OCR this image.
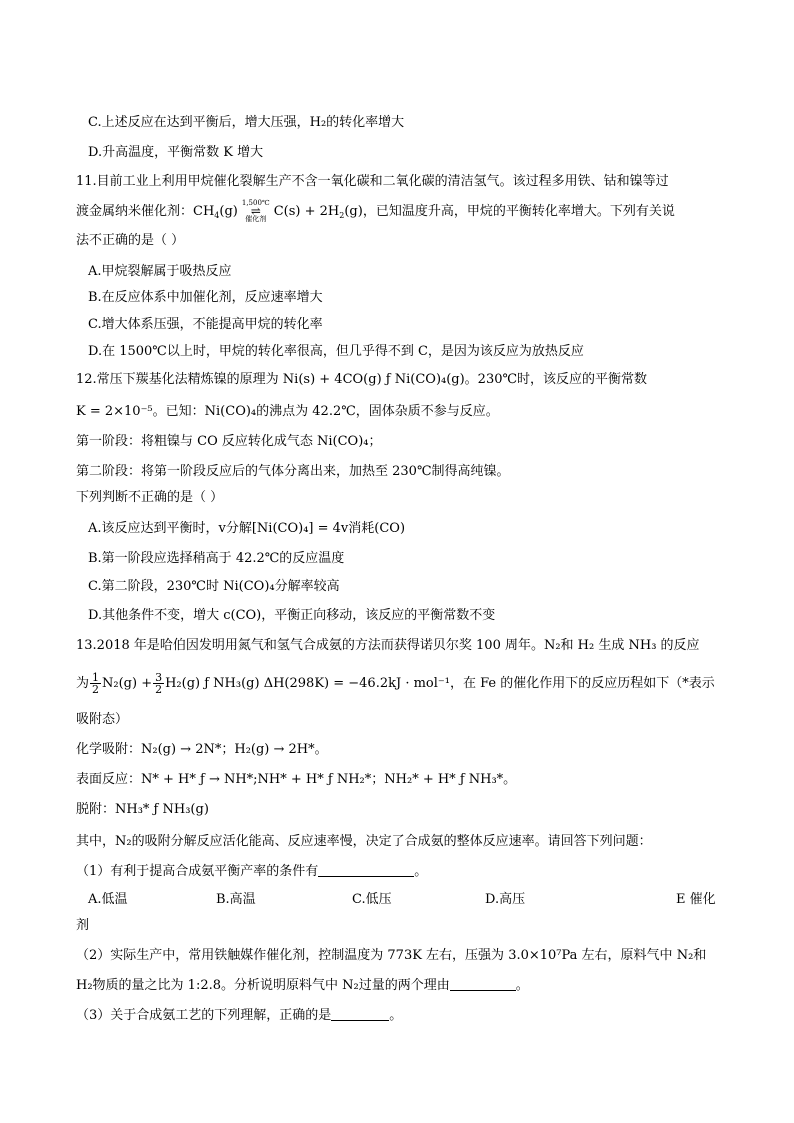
C.上述反应在达到平衡后，增大压强，H₂的转化率增大
D.升高温度，平衡常数 K 增大
11.目前工业上利用甲烷催化裂解生产不含一氧化碳和二氧化碳的清洁氢气。该过程多用铁、钴和镍等过
渡金属纳米催化剂：$CH_4(g)1,500℃$
⇌
催化剂 $C(s) + 2H_2(g)$，已知温度升高，甲烷的平衡转化率增大。下列有关说
法不正确的是（ ）
A.甲烷裂解属于吸热反应
B.在反应体系中加催化剂，反应速率增大
C.增大体系压强，不能提高甲烷的转化率
D.在 1500℃以上时，甲烷的转化率很高，但几乎得不到 C，是因为该反应为放热反应
12.常压下羰基化法精炼镍的原理为 Ni(s) + 4CO(g) ƒ Ni(CO)₄(g)。230℃时，该反应的平衡常数
K = 2×10⁻⁵。已知：Ni(CO)₄的沸点为 42.2℃，固体杂质不参与反应。
第一阶段：将粗镍与 CO 反应转化成气态 Ni(CO)₄；
第二阶段：将第一阶段反应后的气体分离出来，加热至 230℃制得高纯镍。
下列判断不正确的是（ ）
A.该反应达到平衡时，v分解[Ni(CO)₄] = 4v消耗(CO)
B.第一阶段应选择稍高于 42.2℃的反应温度
C.第二阶段，230℃时 Ni(CO)₄分解率较高
D.其他条件不变，增大 c(CO)，平衡正向移动，该反应的平衡常数不变
13.2018 年是哈伯因发明用氮气和氢气合成氨的方法而获得诺贝尔奖 100 周年。N₂和 H₂ 生成 NH₃ 的反应
为 $\frac{1}{2} N_2(g) + \frac{3}{2} H_2(g)$ ƒ NH₃(g) ΔH(298K) = −46.2kJ · mol⁻¹，在 Fe 的催化作用下的反应历程如下（*表示
吸附态）
化学吸附：N₂(g) → 2N*；H₂(g) → 2H*。
表面反应：N* + H* ƒ → NH*;NH* + H* ƒ NH₂*；NH₂* + H* ƒ NH₃*。
脱附：NH₃* ƒ NH₃(g)
其中，N₂的吸附分解反应活化能高、反应速率慢，决定了合成氨的整体反应速率。请回答下列问题：
（1）有利于提高合成氨平衡产率的条件有	。
A.低温	B.高温	C.低压	D.高压	E 催化
剂
（2）实际生产中，常用铁触媒作催化剂，控制温度为 773K 左右，压强为 3.0×10⁷Pa 左右，原料气中 N₂和
H₂物质的量之比为 1:2.8。分析说明原料气中 N₂过量的两个理由	。
（3）关于合成氨工艺的下列理解，正确的是	。
